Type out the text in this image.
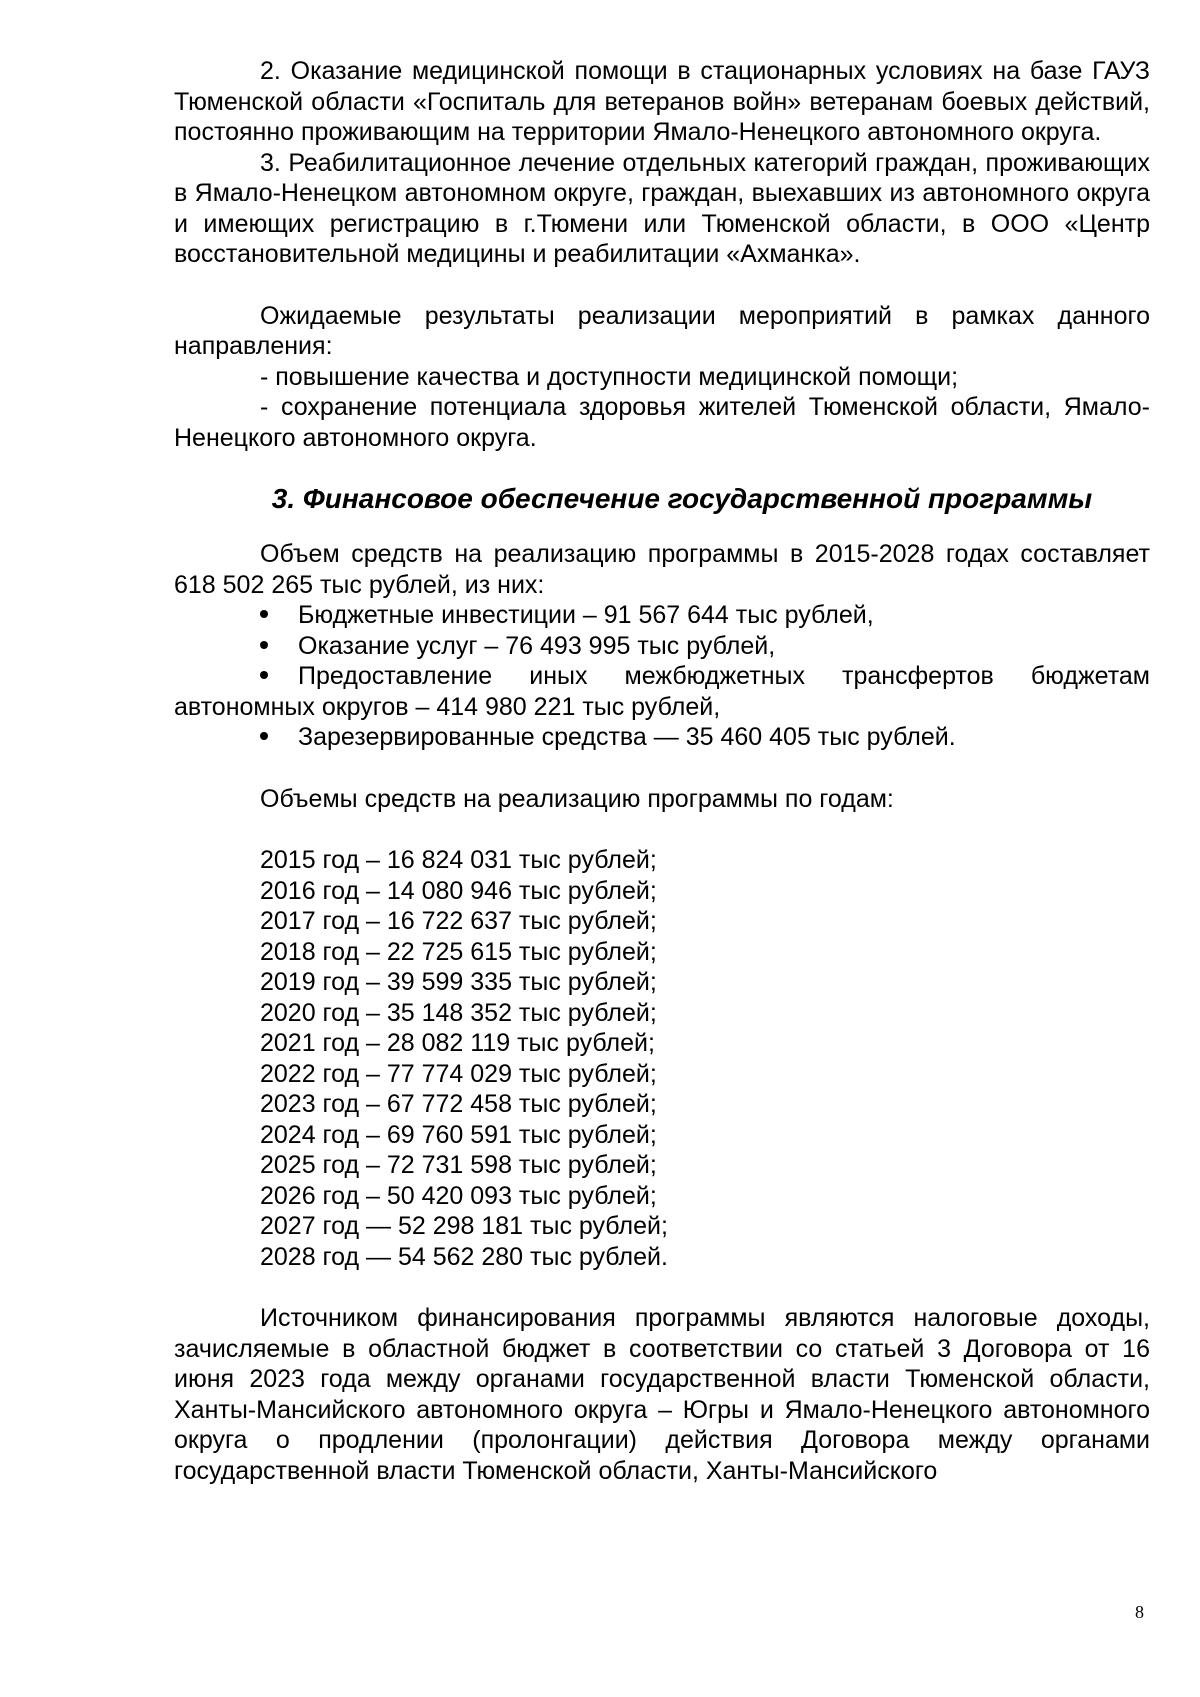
2. Оказание медицинской помощи в стационарных условиях на базе ГАУЗ Тюменской области «Госпиталь для ветеранов войн» ветеранам боевых действий, постоянно проживающим на территории Ямало-Ненецкого автономного округа.

3. Реабилитационное лечение отдельных категорий граждан, проживающих в Ямало-Ненецком автономном округе, граждан, выехавших из автономного округа и имеющих регистрацию в г.Тюмени или Тюменской области, в ООО «Центр восстановительной медицины и реабилитации «Ахманка».

Ожидаемые результаты реализации мероприятий в рамках данного направления:

- повышение качества и доступности медицинской помощи;

- сохранение потенциала здоровья жителей Тюменской области, Ямало-Ненецкого автономного округа.

3. Финансовое обеспечение государственной программы

Объем средств на реализацию программы в 2015-2028 годах составляет 618 502 265 тыс рублей, из них:

Бюджетные инвестиции – 91 567 644 тыс рублей,

Оказание услуг – 76 493 995 тыс рублей,

Предоставление иных межбюджетных трансфертов бюджетам автономных округов – 414 980 221 тыс рублей,

Зарезервированные средства — 35 460 405 тыс рублей.

Объемы средств на реализацию программы по годам:

2015 год – 16 824 031 тыс рублей;
2016 год – 14 080 946 тыс рублей;
2017 год – 16 722 637 тыс рублей;
2018 год – 22 725 615 тыс рублей;
2019 год – 39 599 335 тыс рублей;
2020 год – 35 148 352 тыс рублей;
2021 год – 28 082 119 тыс рублей;
2022 год – 77 774 029 тыс рублей;
2023 год – 67 772 458 тыс рублей;
2024 год – 69 760 591 тыс рублей;
2025 год – 72 731 598 тыс рублей;
2026 год – 50 420 093 тыс рублей;
2027 год — 52 298 181 тыс рублей;
2028 год — 54 562 280 тыс рублей.

Источником финансирования программы являются налоговые доходы, зачисляемые в областной бюджет в соответствии со статьей 3 Договора от 16 июня 2023 года между органами государственной власти Тюменской области, Ханты-Мансийского автономного округа – Югры и Ямало-Ненецкого автономного округа о продлении (пролонгации) действия Договора между органами государственной власти Тюменской области, Ханты-Мансийского

8
